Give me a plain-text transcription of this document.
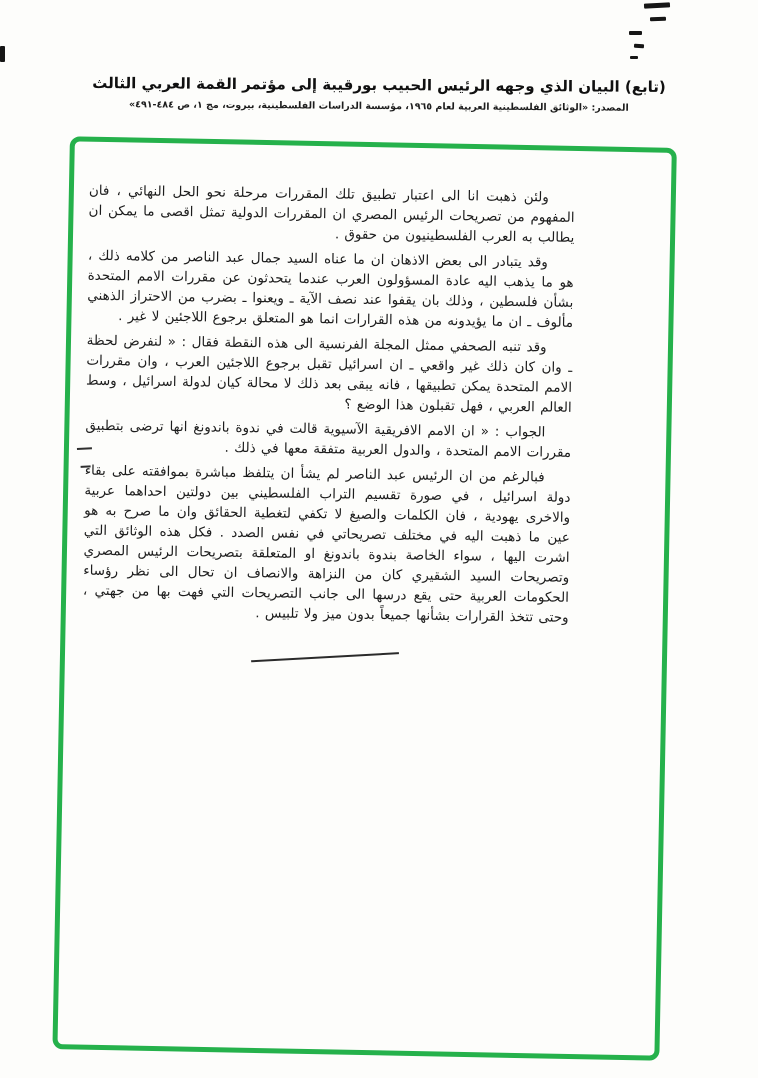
(تابع) البيان الذي وجهه الرئيس الحبيب بورقيبة إلى مؤتمر القمة العربي الثالث
المصدر: «الوثائق الفلسطينية العربية لعام ١٩٦٥، مؤسسة الدراسات الفلسطينية، بيروت، مج ١، ص ٤٨٤-٤٩١»

ولئن ذهبت انا الى اعتبار تطبيق تلك المقررات مرحلة نحو الحل النهائي ، فان المفهوم من تصريحات الرئيس المصري ان المقررات الدولية تمثل اقصى ما يمكن ان يطالب به العرب الفلسطينيون من حقوق .

وقد يتبادر الى بعض الاذهان ان ما عناه السيد جمال عبد الناصر من كلامه ذلك ، هو ما يذهب اليه عادة المسؤولون العرب عندما يتحدثون عن مقررات الامم المتحدة بشأن فلسطين ، وذلك بان يقفوا عند نصف الآية ـ ويعنوا ـ بضرب من الاحتراز الذهني مألوف ـ ان ما يؤيدونه من هذه القرارات انما هو المتعلق برجوع اللاجئين لا غير .

وقد تنبه الصحفي ممثل المجلة الفرنسية الى هذه النقطة فقال : « لنفرض لحظة ـ وان كان ذلك غير واقعي ـ ان اسرائيل تقبل برجوع اللاجئين العرب ، وان مقررات الامم المتحدة يمكن تطبيقها ، فانه يبقى بعد ذلك لا محالة كيان لدولة اسرائيل ، وسط العالم العربي ، فهل تقبلون هذا الوضع ؟

الجواب : « ان الامم الافريقية الآسيوية قالت في ندوة باندونغ انها ترضى بتطبيق مقررات الامم المتحدة ، والدول العربية متفقة معها في ذلك .

فبالرغم من ان الرئيس عبد الناصر لم يشأ ان يتلفظ مباشرة بموافقته على بقاء دولة اسرائيل ، في صورة تقسيم التراب الفلسطيني بين دولتين احداهما عربية والاخرى يهودية ، فان الكلمات والصيغ لا تكفي لتغطية الحقائق وان ما صرح به هو عين ما ذهبت اليه في مختلف تصريحاتي في نفس الصدد . فكل هذه الوثائق التي اشرت اليها ، سواء الخاصة بندوة باندونغ او المتعلقة بتصريحات الرئيس المصري وتصريحات السيد الشقيري كان من النزاهة والانصاف ان تحال الى نظر رؤساء الحكومات العربية حتى يقع درسها الى جانب التصريحات التي فهت بها من جهتي ، وحتى تتخذ القرارات بشأنها جميعاً بدون ميز ولا تلبيس .
